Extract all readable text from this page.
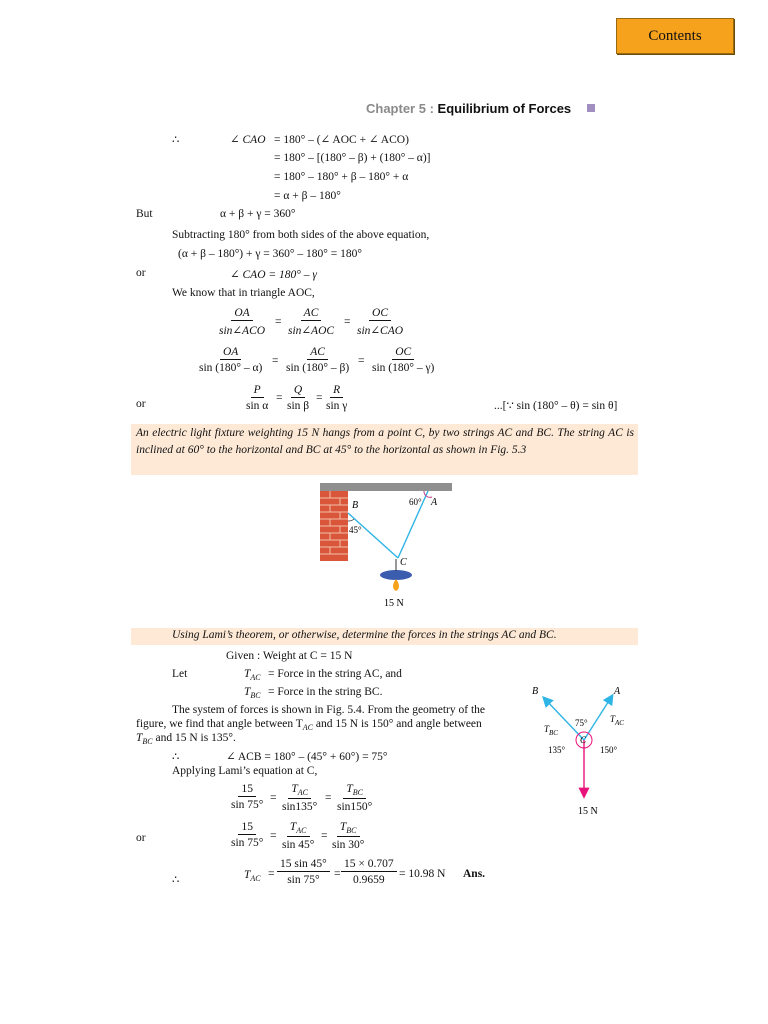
Contents
Chapter 5 : Equilibrium of Forces
∴	∠ CAO = 180° – (∠ AOC + ∠ ACO)
= 180° – [(180° – β) + (180° – α)]
= 180° – 180° + β – 180° + α
= α + β – 180°
But	α + β + γ = 360°
Subtracting 180° from both sides of the above equation,
(α + β – 180°) + γ = 360° – 180° = 180°
or	∠ CAO = 180° – γ
We know that in triangle AOC,
OA
sin∠ACO
=
AC
sin∠AOC
=
OC
sin∠CAO
$\frac{OA}{\sin (180^\circ - \alpha)} = \frac{AC}{\sin (180^\circ - \beta)} = \frac{OC}{\sin (180^\circ - \gamma)}$
or	$\frac{P}{\text{sin α}} = \frac{Q}{\text{sin β}} = \frac{R}{\text{sin γ}}$	...[∵ sin (180° – θ) = sin θ]
An electric light fixture weighting 15 N hangs from a point C, by two strings AC and BC. The string AC is inclined at 60° to the horizontal and BC at 45° to the horizontal as shown in Fig. 5.3
B	A
60°
45°
C
15 N
Using Lami’s theorem, or otherwise, determine the forces in the strings AC and BC.
Given : Weight at C = 15 N
Let	$T_{AC}$ = Force in the string AC, and
$T_{BC}$ = Force in the string BC.
The system of forces is shown in Fig. 5.4. From the geometry of the
figure, we find that angle between $T_{AC}$ and 15 N is 150° and angle between
$T_{BC}$ and 15 N is 135°.
∴	∠ ACB = 180° – (45° + 60°) = 75°
Applying Lami’s equation at C,
$\frac{15}{\sin 75^\circ}$ =
$T_{AC}$
sin135°
=
$T_{BC}$
sin150°
or	$\frac{15}{\sin 75^\circ}$ =
$T_{AC}$
sin 45°
=
$T_{BC}$
sin 30°
∴	$T_{AC} = \frac{15 \sin 45^\circ}{\sin 75^\circ} = \frac{15 \times 0.707}{0.9659} = 10.98$ N Ans.
C
B	A
75°
135°	150°
15 N
$T_{BC}$
$T_{AC}$
